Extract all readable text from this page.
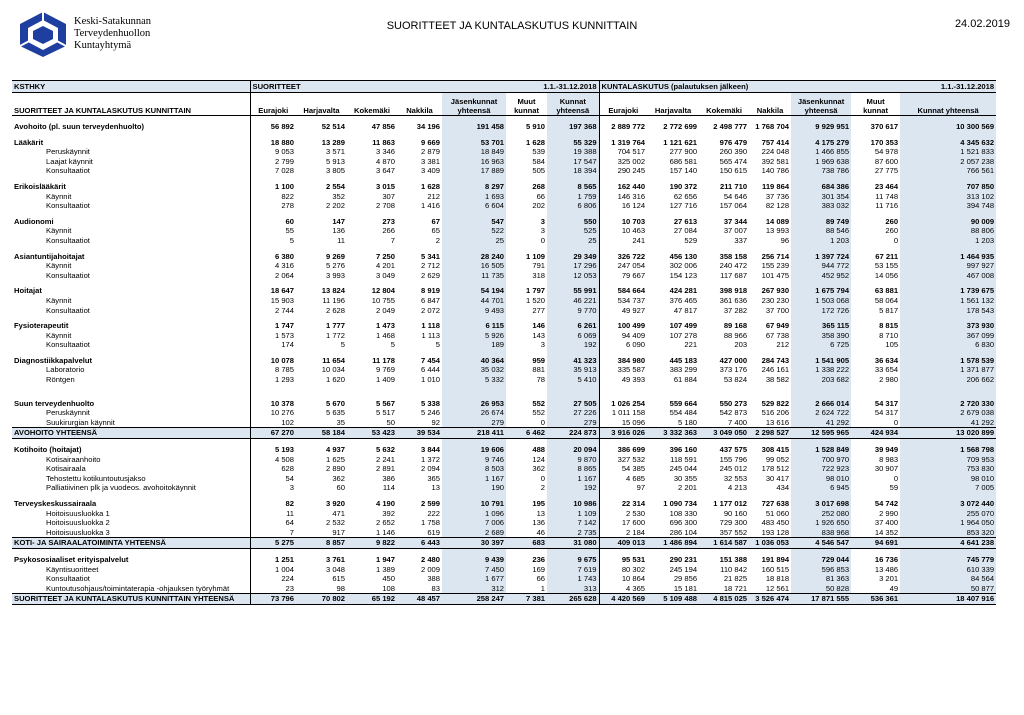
Keski-Satakunnan
Terveydenhuollon
Kuntayhtymä
SUORITTEET JA KUNTALASKUTUS KUNNITTAIN	24.02.2019
KSTHKY	SUORITTEET					1.1.-31.12.2018		KUNTALASKUTUS (palautuksen jälkeen)					1.1.-31.12.2018	
SUORITTEET JA KUNTALASKUTUS KUNNITTAIN	Eurajoki	Harjavalta	Kokemäki	Nakkila	Jäsenkunnat yhteensä	Muut kunnat	Kunnat yhteensä	Eurajoki	Harjavalta	Kokemäki	Nakkila	Jäsenkunnat yhteensä	Muut kunnat	Kunnat yhteensä

Avohoito (pl. suun terveydenhuolto)	56 892	52 514	47 856	34 196	191 458	5 910	197 368	2 889 772	2 772 699	2 498 777	1 768 704	9 929 951	370 617	10 300 569

Lääkärit	18 880	13 289	11 863	9 669	53 701	1 628	55 329	1 319 764	1 121 621	976 479	757 414	4 175 279	170 353	4 345 632
Peruskäynnit	9 053	3 571	3 346	2 879	18 849	539	19 388	704 517	277 900	260 390	224 048	1 466 855	54 978	1 521 833
Laajat käynnit	2 799	5 913	4 870	3 381	16 963	584	17 547	325 002	686 581	565 474	392 581	1 969 638	87 600	2 057 238
Konsultaatiot	7 028	3 805	3 647	3 409	17 889	505	18 394	290 245	157 140	150 615	140 786	738 786	27 775	766 561

Erikoislääkärit	1 100	2 554	3 015	1 628	8 297	268	8 565	162 440	190 372	211 710	119 864	684 386	23 464	707 850
Käynnit	822	352	307	212	1 693	66	1 759	146 316	62 656	54 646	37 736	301 354	11 748	313 102
Konsultaatiot	278	2 202	2 708	1 416	6 604	202	6 806	16 124	127 716	157 064	82 128	383 032	11 716	394 748

Audionomi	60	147	273	67	547	3	550	10 703	27 613	37 344	14 089	89 749	260	90 009
Käynnit	55	136	266	65	522	3	525	10 463	27 084	37 007	13 993	88 546	260	88 806
Konsultaatiot	5	11	7	2	25	0	25	241	529	337	96	1 203	0	1 203

Asiantuntijahoitajat	6 380	9 269	7 250	5 341	28 240	1 109	29 349	326 722	456 130	358 158	256 714	1 397 724	67 211	1 464 935
Käynnit	4 316	5 276	4 201	2 712	16 505	791	17 296	247 054	302 006	240 472	155 239	944 772	53 155	997 927
Konsultaatiot	2 064	3 993	3 049	2 629	11 735	318	12 053	79 667	154 123	117 687	101 475	452 952	14 056	467 008

Hoitajat	18 647	13 824	12 804	8 919	54 194	1 797	55 991	584 664	424 281	398 918	267 930	1 675 794	63 881	1 739 675
Käynnit	15 903	11 196	10 755	6 847	44 701	1 520	46 221	534 737	376 465	361 636	230 230	1 503 068	58 064	1 561 132
Konsultaatiot	2 744	2 628	2 049	2 072	9 493	277	9 770	49 927	47 817	37 282	37 700	172 726	5 817	178 543

Fysioterapeutit	1 747	1 777	1 473	1 118	6 115	146	6 261	100 499	107 499	89 168	67 949	365 115	8 815	373 930
Käynnit	1 573	1 772	1 468	1 113	5 926	143	6 069	94 409	107 278	88 966	67 738	358 390	8 710	367 099
Konsultaatiot	174	5	5	5	189	3	192	6 090	221	203	212	6 725	105	6 830

Diagnostiikkapalvelut	10 078	11 654	11 178	7 454	40 364	959	41 323	384 980	445 183	427 000	284 743	1 541 905	36 634	1 578 539
Laboratorio	8 785	10 034	9 769	6 444	35 032	881	35 913	335 587	383 299	373 176	246 161	1 338 222	33 654	1 371 877
Röntgen	1 293	1 620	1 409	1 010	5 332	78	5 410	49 393	61 884	53 824	38 582	203 682	2 980	206 662

Suun terveydenhuolto	10 378	5 670	5 567	5 338	26 953	552	27 505	1 026 254	559 664	550 273	529 822	2 666 014	54 317	2 720 330
Peruskäynnit	10 276	5 635	5 517	5 246	26 674	552	27 226	1 011 158	554 484	542 873	516 206	2 624 722	54 317	2 679 038
Suukirurgian käynnit	102	35	50	92	279	0	279	15 096	5 180	7 400	13 616	41 292	0	41 292
AVOHOITO YHTEENSÄ	67 270	58 184	53 423	39 534	218 411	6 462	224 873	3 916 026	3 332 363	3 049 050	2 298 527	12 595 965	424 934	13 020 899

Kotihoito (hoitajat)	5 193	4 937	5 632	3 844	19 606	488	20 094	386 699	396 160	437 575	308 415	1 528 849	39 949	1 568 798
Kotisairaanhoito	4 508	1 625	2 241	1 372	9 746	124	9 870	327 532	118 591	155 796	99 052	700 970	8 983	709 953
Kotisairaala	628	2 890	2 891	2 094	8 503	362	8 865	54 385	245 044	245 012	178 512	722 923	30 907	753 830
Tehostettu kotikuntoutusjakso	54	362	386	365	1 167	0	1 167	4 685	30 355	32 553	30 417	98 010	0	98 010
Palliatiivinen plk ja vuodeos. avohoitokäynnit	3	60	114	13	190	2	192	97	2 201	4 213	434	6 945	59	7 005

Terveyskeskussairaala	82	3 920	4 190	2 599	10 791	195	10 986	22 314	1 090 734	1 177 012	727 638	3 017 698	54 742	3 072 440
Hoitoisuusluokka 1	11	471	392	222	1 096	13	1 109	2 530	108 330	90 160	51 060	252 080	2 990	255 070
Hoitoisuusluokka 2	64	2 532	2 652	1 758	7 006	136	7 142	17 600	696 300	729 300	483 450	1 926 650	37 400	1 964 050
Hoitoisuusluokka 3	7	917	1 146	619	2 689	46	2 735	2 184	286 104	357 552	193 128	838 968	14 352	853 320
KOTI- JA SAIRAALATOIMINTA YHTEENSÄ	5 275	8 857	9 822	6 443	30 397	683	31 080	409 013	1 486 894	1 614 587	1 036 053	4 546 547	94 691	4 641 238

Psykososiaaliset erityispalvelut	1 251	3 761	1 947	2 480	9 439	236	9 675	95 531	290 231	151 388	191 894	729 044	16 736	745 779
Käyntisuoritteet	1 004	3 048	1 389	2 009	7 450	169	7 619	80 302	245 194	110 842	160 515	596 853	13 486	610 339
Konsultaatiot	224	615	450	388	1 677	66	1 743	10 864	29 856	21 825	18 818	81 363	3 201	84 564
Kuntoutusohjaus/toimintaterapia -ohjauksen työryhmät	23	98	108	83	312	1	313	4 365	15 181	18 721	12 561	50 828	49	50 877
SUORITTEET JA KUNTALASKUTUS KUNNITTAIN YHTEENSÄ	73 796	70 802	65 192	48 457	258 247	7 381	265 628	4 420 569	5 109 488	4 815 025	3 526 474	17 871 555	536 361	18 407 916
